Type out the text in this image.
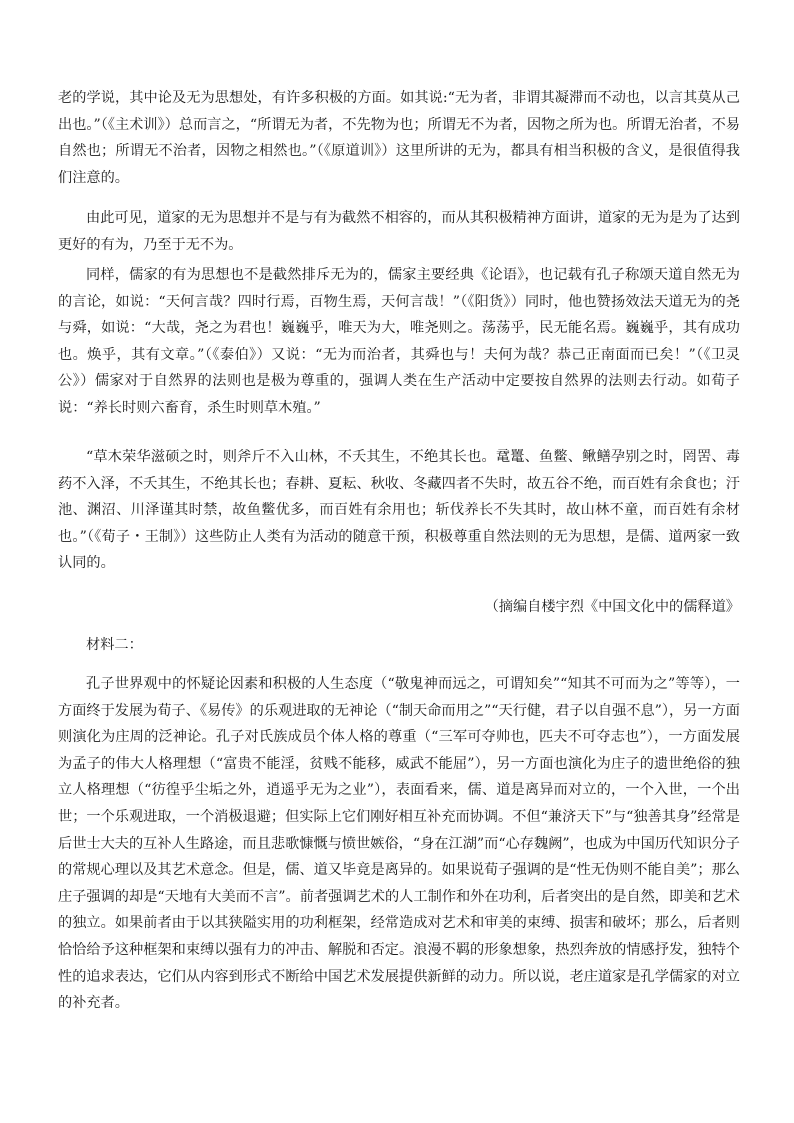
老的学说，其中论及无为思想处，有许多积极的方面。如其说:“无为者，非谓其凝滞而不动也，以言其莫从己出也。”（《主术训》）总而言之，“所谓无为者，不先物为也；所谓无不为者，因物之所为也。所谓无治者，不易自然也；所谓无不治者，因物之相然也。”（《原道训》）这里所讲的无为，都具有相当积极的含义，是很值得我们注意的。

由此可见，道家的无为思想并不是与有为截然不相容的，而从其积极精神方面讲，道家的无为是为了达到更好的有为，乃至于无不为。

同样，儒家的有为思想也不是截然排斥无为的，儒家主要经典《论语》，也记载有孔子称颂天道自然无为的言论，如说：“天何言哉？四时行焉，百物生焉，天何言哉！”（《阳货》）同时，他也赞扬效法天道无为的尧与舜，如说：“大哉，尧之为君也！巍巍乎，唯天为大，唯尧则之。荡荡乎，民无能名焉。巍巍乎，其有成功也。焕乎，其有文章。”（《泰伯》）又说：“无为而治者，其舜也与！夫何为哉？恭己正南面而已矣！”（《卫灵公》）儒家对于自然界的法则也是极为尊重的，强调人类在生产活动中定要按自然界的法则去行动。如荀子说：“养长时则六畜育，杀生时则草木殖。”

“草木荣华滋硕之时，则斧斤不入山林，不夭其生，不绝其长也。鼋鼍、鱼鳖、鳅鳝孕别之时，罔罟、毒药不入泽，不夭其生，不绝其长也；春耕、夏耘、秋收、冬藏四者不失时，故五谷不绝，而百姓有余食也；汙池、渊沼、川泽谨其时禁，故鱼鳖优多，而百姓有余用也；斩伐养长不失其时，故山林不童，而百姓有余材也。”（《荀子・王制》）这些防止人类有为活动的随意干预，积极尊重自然法则的无为思想，是儒、道两家一致认同的。

（摘编自楼宇烈《中国文化中的儒释道》

材料二：

孔子世界观中的怀疑论因素和积极的人生态度（“敬鬼神而远之，可谓知矣”“知其不可而为之”等等），一方面终于发展为荀子、《易传》的乐观进取的无神论（“制天命而用之”“天行健，君子以自强不息”），另一方面则演化为庄周的泛神论。孔子对氏族成员个体人格的尊重（“三军可夺帅也，匹夫不可夺志也”），一方面发展为孟子的伟大人格理想（“富贵不能淫，贫贱不能移，威武不能屈”），另一方面也演化为庄子的遗世绝俗的独立人格理想（“彷徨乎尘垢之外，逍遥乎无为之业”），表面看来，儒、道是离异而对立的，一个入世，一个出世；一个乐观进取，一个消极退避；但实际上它们刚好相互补充而协调。不但“兼济天下”与“独善其身”经常是后世士大夫的互补人生路途，而且悲歌慷慨与愤世嫉俗，“身在江湖”而“心存魏阙”，也成为中国历代知识分子的常规心理以及其艺术意念。但是，儒、道又毕竟是离异的。如果说荀子强调的是“性无伪则不能自美”；那么庄子强调的却是“天地有大美而不言”。前者强调艺术的人工制作和外在功利，后者突出的是自然，即美和艺术的独立。如果前者由于以其狭隘实用的功利框架，经常造成对艺术和审美的束缚、损害和破坏；那么，后者则恰恰给予这种框架和束缚以强有力的冲击、解脱和否定。浪漫不羁的形象想象，热烈奔放的情感抒发，独特个性的追求表达，它们从内容到形式不断给中国艺术发展提供新鲜的动力。所以说，老庄道家是孔学儒家的对立的补充者。
